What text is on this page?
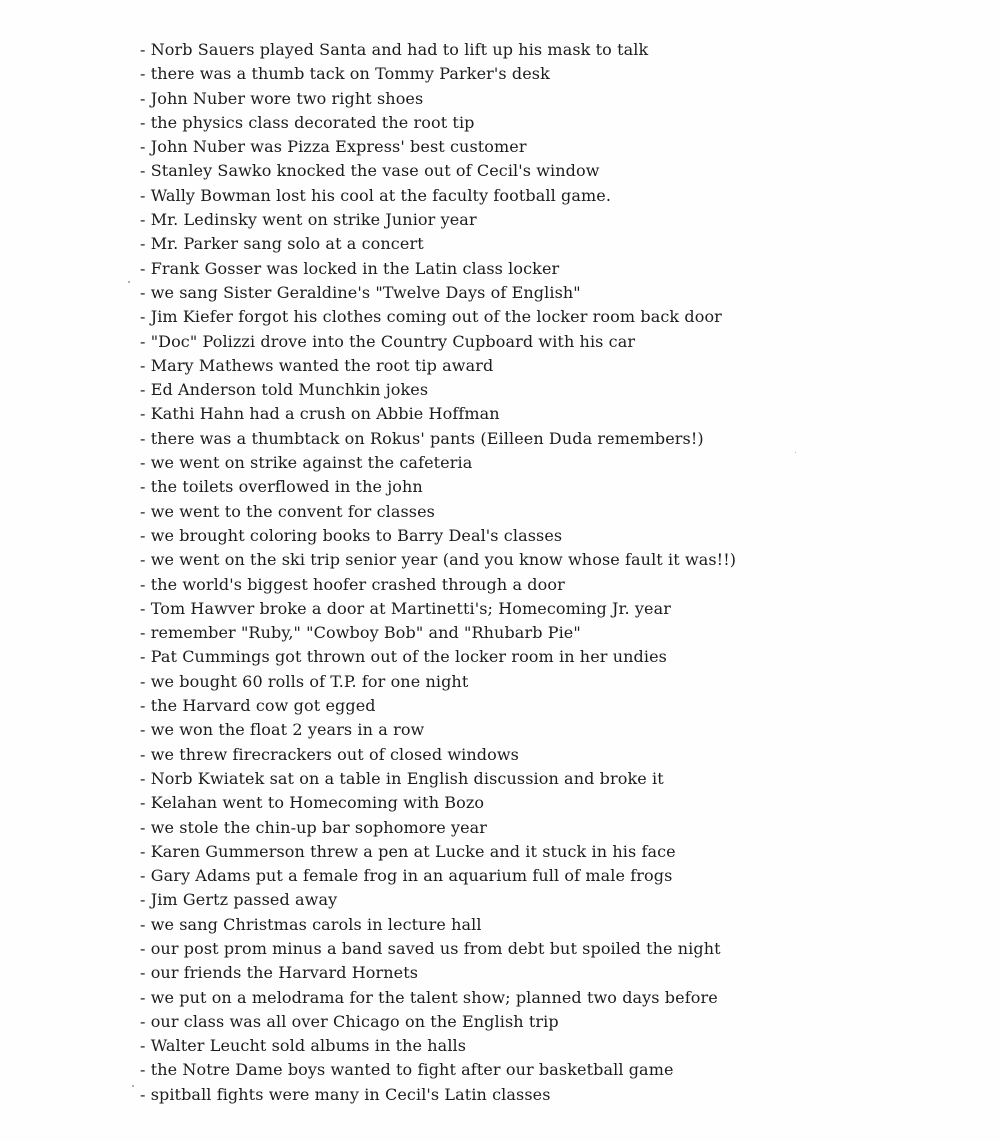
- Norb Sauers played Santa and had to lift up his mask to talk
- there was a thumb tack on Tommy Parker's desk
- John Nuber wore two right shoes
- the physics class decorated the root tip
- John Nuber was Pizza Express' best customer
- Stanley Sawko knocked the vase out of Cecil's window
- Wally Bowman lost his cool at the faculty football game.
- Mr. Ledinsky went on strike Junior year
- Mr. Parker sang solo at a concert
- Frank Gosser was locked in the Latin class locker
- we sang Sister Geraldine's "Twelve Days of English"
- Jim Kiefer forgot his clothes coming out of the locker room back door
- "Doc" Polizzi drove into the Country Cupboard with his car
- Mary Mathews wanted the root tip award
- Ed Anderson told Munchkin jokes
- Kathi Hahn had a crush on Abbie Hoffman
- there was a thumbtack on Rokus' pants (Eilleen Duda remembers!)
- we went on strike against the cafeteria
- the toilets overflowed in the john
- we went to the convent for classes
- we brought coloring books to Barry Deal's classes
- we went on the ski trip senior year (and you know whose fault it was!!)
- the world's biggest hoofer crashed through a door
- Tom Hawver broke a door at Martinetti's; Homecoming Jr. year
- remember "Ruby," "Cowboy Bob" and "Rhubarb Pie"
- Pat Cummings got thrown out of the locker room in her undies
- we bought 60 rolls of T.P. for one night
- the Harvard cow got egged
- we won the float 2 years in a row
- we threw firecrackers out of closed windows
- Norb Kwiatek sat on a table in English discussion and broke it
- Kelahan went to Homecoming with Bozo
- we stole the chin-up bar sophomore year
- Karen Gummerson threw a pen at Lucke and it stuck in his face
- Gary Adams put a female frog in an aquarium full of male frogs
- Jim Gertz passed away
- we sang Christmas carols in lecture hall
- our post prom minus a band saved us from debt but spoiled the night
- our friends the Harvard Hornets
- we put on a melodrama for the talent show; planned two days before
- our class was all over Chicago on the English trip
- Walter Leucht sold albums in the halls
- the Notre Dame boys wanted to fight after our basketball game
- spitball fights were many in Cecil's Latin classes
